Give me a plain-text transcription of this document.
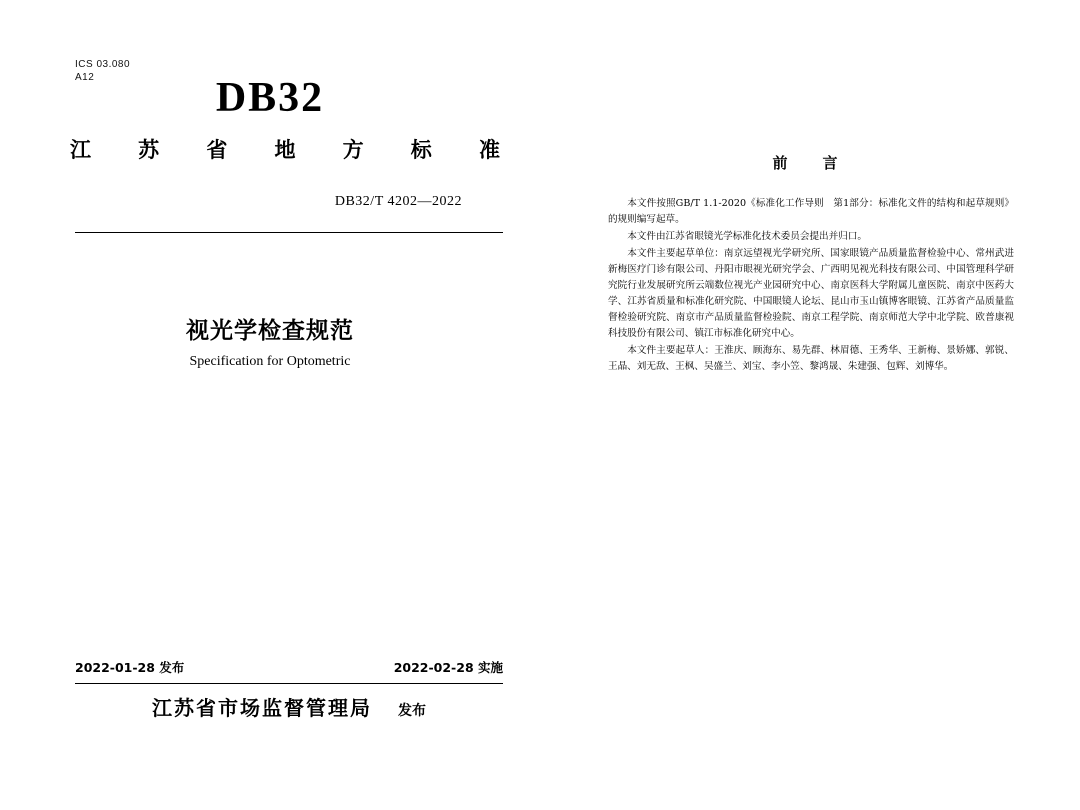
ICS 03.080
A12	DB32
江 苏 省 地 方 标 准
DB32/T 4202—2022
视光学检查规范
Specification for Optometric
2022-01-28 发布	2022-02-28 实施
江苏省市场监督管理局 发布
前　言

本文件按照GB/T 1.1-2020《标准化工作导则　第1部分：标准化文件的结构和起草规则》的规则编写起草。

本文件由江苏省眼镜光学标准化技术委员会提出并归口。

本文件主要起草单位：南京远望视光学研究所、国家眼镜产品质量监督检验中心、常州武进新梅医疗门诊有限公司、丹阳市眼视光研究学会、广西明见视光科技有限公司、中国管理科学研究院行业发展研究所云端数位视光产业园研究中心、南京医科大学附属儿童医院、南京中医药大学、江苏省质量和标准化研究院、中国眼镜人论坛、昆山市玉山镇博客眼镜、江苏省产品质量监督检验研究院、南京市产品质量监督检验院、南京工程学院、南京师范大学中北学院、欧普康视科技股份有限公司、镇江市标准化研究中心。

本文件主要起草人：王淮庆、顾海东、易先群、林眉德、王秀华、王新梅、景娇娜、郭锐、王晶、刘无敌、王枫、吴盛兰、刘宝、李小笠、黎鸿晟、朱建强、包辉、刘博华。
